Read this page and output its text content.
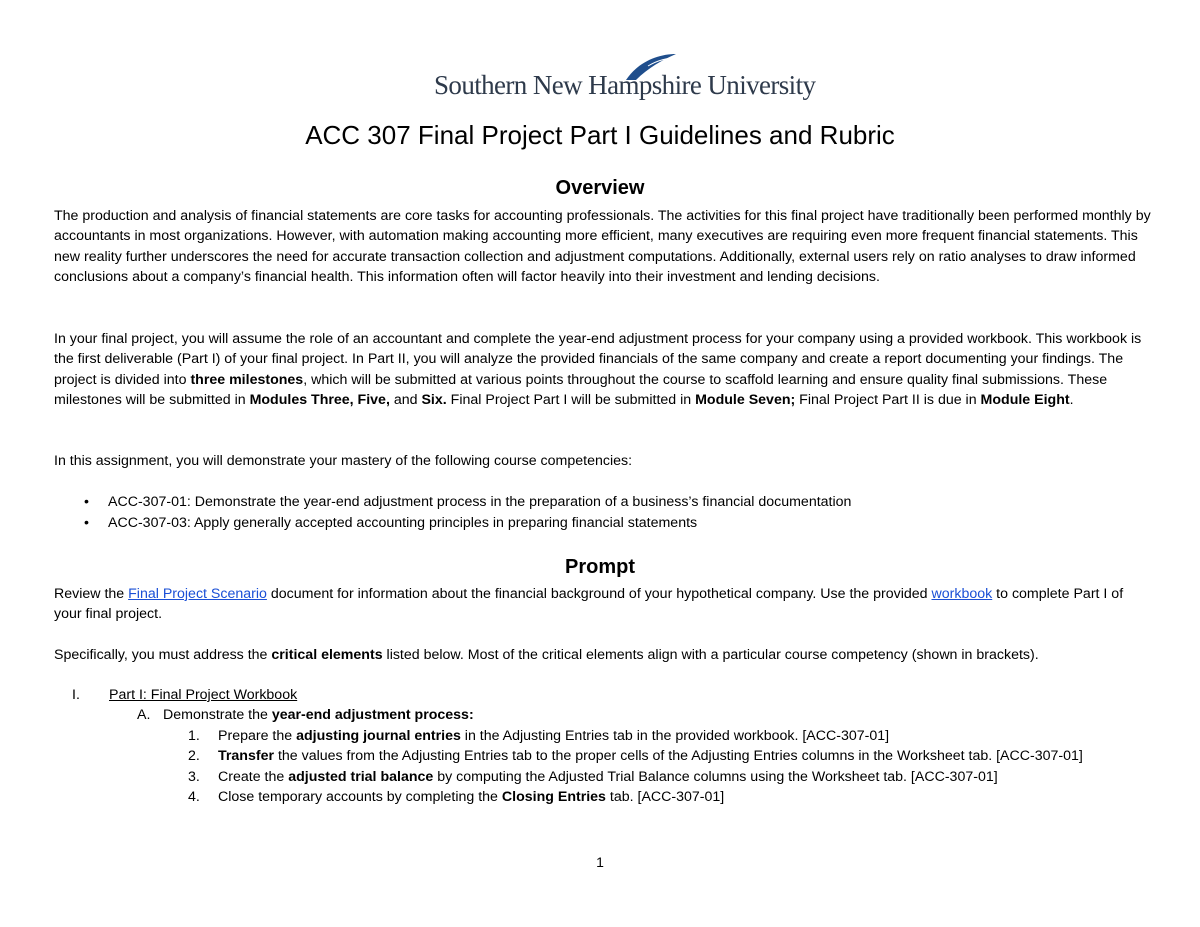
Southern New Hampshire University
ACC 307 Final Project Part I Guidelines and Rubric
Overview

The production and analysis of financial statements are core tasks for accounting professionals. The activities for this final project have traditionally been performed monthly by accountants in most organizations. However, with automation making accounting more efficient, many executives are requiring even more frequent financial statements. This new reality further underscores the need for accurate transaction collection and adjustment computations. Additionally, external users rely on ratio analyses to draw informed conclusions about a company’s financial health. This information often will factor heavily into their investment and lending decisions.

In your final project, you will assume the role of an accountant and complete the year-end adjustment process for your company using a provided workbook. This workbook is the first deliverable (Part I) of your final project. In Part II, you will analyze the provided financials of the same company and create a report documenting your findings. The project is divided into three milestones, which will be submitted at various points throughout the course to scaffold learning and ensure quality final submissions. These milestones will be submitted in Modules Three, Five, and Six. Final Project Part I will be submitted in Module Seven; Final Project Part II is due in Module Eight.

In this assignment, you will demonstrate your mastery of the following course competencies:

• ACC-307-01: Demonstrate the year-end adjustment process in the preparation of a business’s financial documentation
• ACC-307-03: Apply generally accepted accounting principles in preparing financial statements
Prompt

Review the Final Project Scenario document for information about the financial background of your hypothetical company. Use the provided workbook to complete Part I of your final project.

Specifically, you must address the critical elements listed below. Most of the critical elements align with a particular course competency (shown in brackets).

I. Part I: Final Project Workbook
A. Demonstrate the year-end adjustment process:
1. Prepare the adjusting journal entries in the Adjusting Entries tab in the provided workbook. [ACC-307-01]
2. Transfer the values from the Adjusting Entries tab to the proper cells of the Adjusting Entries columns in the Worksheet tab. [ACC-307-01]
3. Create the adjusted trial balance by computing the Adjusted Trial Balance columns using the Worksheet tab. [ACC-307-01]
4. Close temporary accounts by completing the Closing Entries tab. [ACC-307-01]
1
